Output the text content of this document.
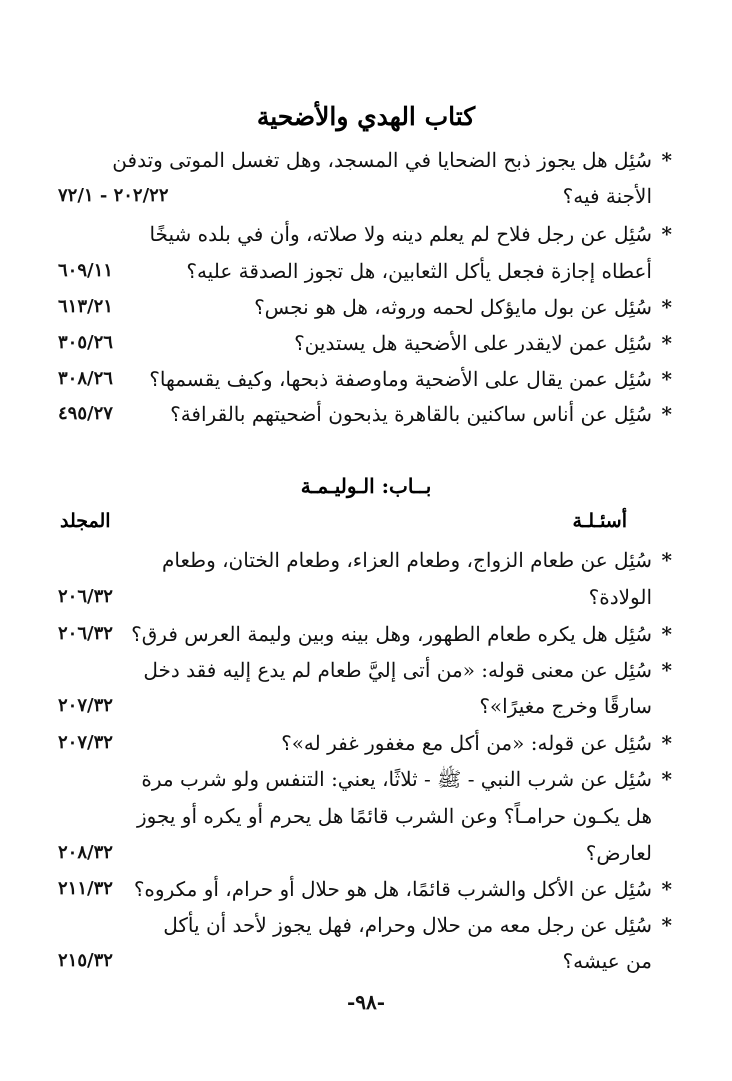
كتاب الهدي والأضحية
*سُئِل هل يجوز ذبح الضحايا في المسجد، وهل تغسل الموتى وتدفن
الأجنة فيه؟
٢٠٢/٢٢ - ٧٢/١
*سُئِل عن رجل فلاح لم يعلم دينه ولا صلاته، وأن في بلده شيخًا
أعطاه إجازة فجعل يأكل الثعابين، هل تجوز الصدقة عليه؟
٦٠٩/١١
*سُئِل عن بول مايؤكل لحمه وروثه، هل هو نجس؟
٦١٣/٢١
*سُئِل عمن لايقدر على الأضحية هل يستدين؟
٣٠٥/٢٦
*سُئِل عمن يقال على الأضحية وماوصفة ذبحها، وكيف يقسمها؟
٣٠٨/٢٦
*سُئِل عن أناس ساكنين بالقاهرة يذبحون أضحيتهم بالقرافة؟
٤٩٥/٢٧
بــاب: الـوليـمـة
أسئـلـة
المجلد
*سُئِل عن طعام الزواج، وطعام العزاء، وطعام الختان، وطعام
الولادة؟
٢٠٦/٣٢
*سُئِل هل يكره طعام الطهور، وهل بينه وبين وليمة العرس فرق؟
٢٠٦/٣٢
*سُئِل عن معنى قوله: «من أتى إليَّ طعام لم يدع إليه فقد دخل
سارقًا وخرج مغيرًا»؟
٢٠٧/٣٢
*سُئِل عن قوله: «من أكل مع مغفور غفر له»؟
٢٠٧/٣٢
*سُئِل عن شرب النبي - ﷺ - ثلاثًا، يعني: التنفس ولو شرب مرة
هل يكـون حرامـاً؟ وعن الشرب قائمًا هل يحرم أو يكره أو يجوز
لعارض؟
٢٠٨/٣٢
*سُئِل عن الأكل والشرب قائمًا، هل هو حلال أو حرام، أو مكروه؟
٢١١/٣٢
*سُئِل عن رجل معه من حلال وحرام، فهل يجوز لأحد أن يأكل
من عيشه؟
٢١٥/٣٢
-٩٨-
